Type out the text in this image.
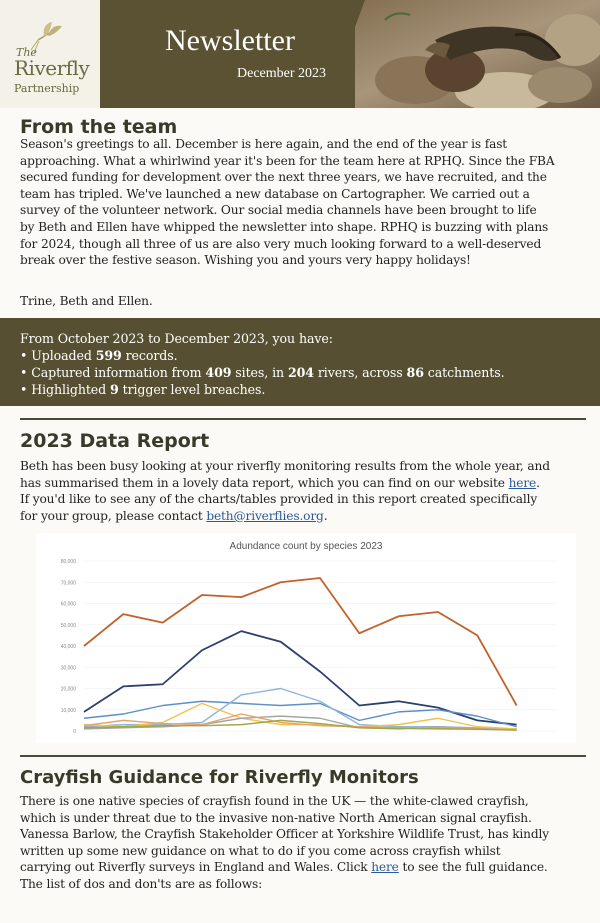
The
Riverfly
Partnership
Newsletter
December 2023
From the team
Season's greetings to all. December is here again, and the end of the year is fast
approaching. What a whirlwind year it's been for the team here at RPHQ. Since the FBA
secured funding for development over the next three years, we have recruited, and the
team has tripled. We've launched a new database on Cartographer. We carried out a
survey of the volunteer network. Our social media channels have been brought to life
by Beth and Ellen have whipped the newsletter into shape. RPHQ is buzzing with plans
for 2024, though all three of us are also very much looking forward to a well-deserved
break over the festive season. Wishing you and yours very happy holidays!
Trine, Beth and Ellen.
From October 2023 to December 2023, you have:
• Uploaded 599 records.
• Captured information from 409 sites, in 204 rivers, across 86 catchments.
• Highlighted 9 trigger level breaches.
2023 Data Report
Beth has been busy looking at your riverfly monitoring results from the whole year, and
has summarised them in a lovely data report, which you can find on our website here.
If you'd like to see any of the charts/tables provided in this report created specifically
for your group, please contact beth@riverflies.org.
Adundance count by species 2023
0
10,000
20,000
30,000
40,000
50,000
60,000
70,000
80,000
Crayfish Guidance for Riverfly Monitors
There is one native species of crayfish found in the UK — the white-clawed crayfish,
which is under threat due to the invasive non-native North American signal crayfish.
Vanessa Barlow, the Crayfish Stakeholder Officer at Yorkshire Wildlife Trust, has kindly
written up some new guidance on what to do if you come across crayfish whilst
carrying out Riverfly surveys in England and Wales. Click here to see the full guidance.
The list of dos and don'ts are as follows:
